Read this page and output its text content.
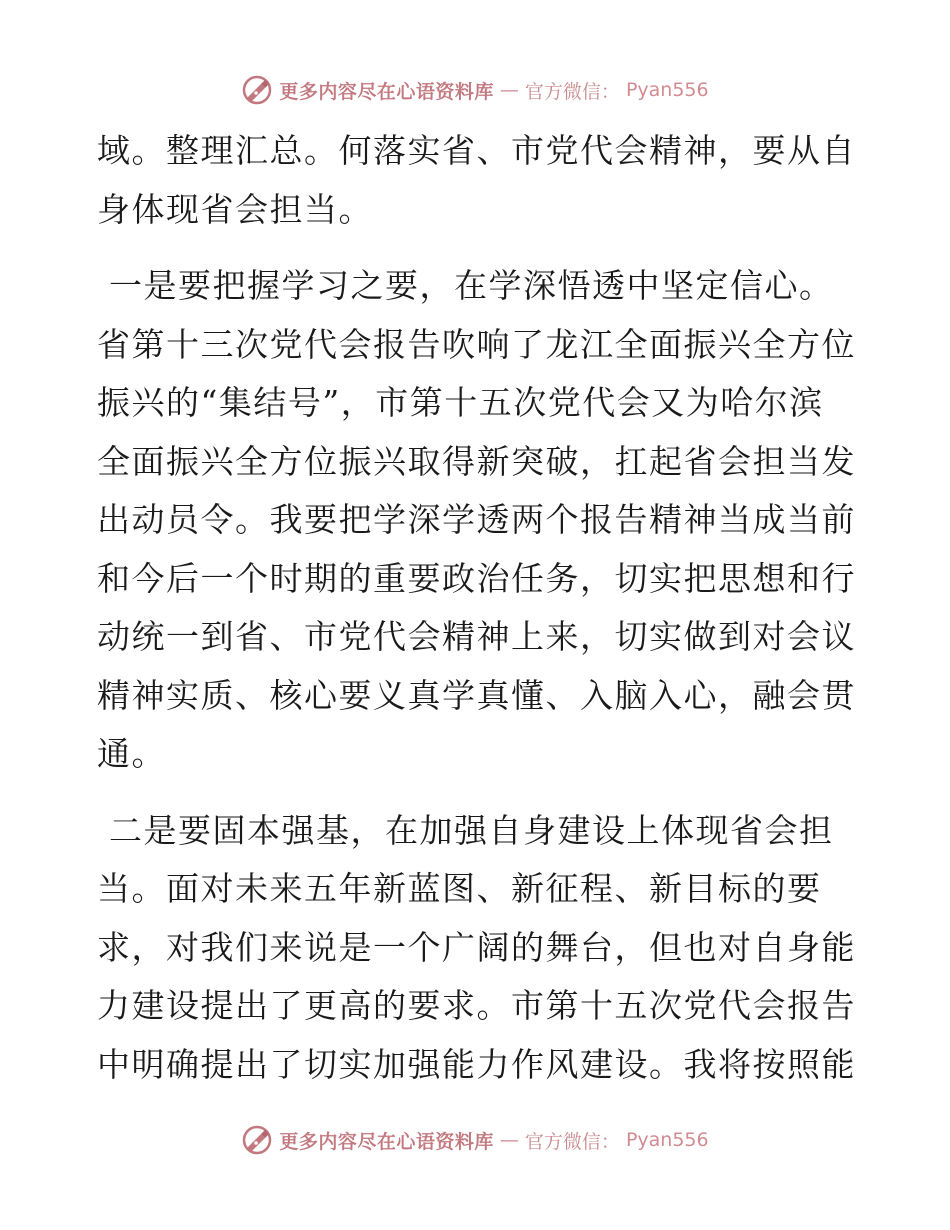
更多内容尽在心语资料库 — 官方微信： Pyan556

域。整理汇总。何落实省、市党代会精神，要从自身体现省会担当。

一是要把握学习之要，在学深悟透中坚定信心。省第十三次党代会报告吹响了龙江全面振兴全方位振兴的“集结号”，市第十五次党代会又为哈尔滨全面振兴全方位振兴取得新突破，扛起省会担当发出动员令。我要把学深学透两个报告精神当成当前和今后一个时期的重要政治任务，切实把思想和行动统一到省、市党代会精神上来，切实做到对会议精神实质、核心要义真学真懂、入脑入心，融会贯通。

二是要固本强基，在加强自身建设上体现省会担当。面对未来五年新蓝图、新征程、新目标的要求，对我们来说是一个广阔的舞台，但也对自身能力建设提出了更高的要求。市第十五次党代会报告中明确提出了切实加强能力作风建设。我将按照能

更多内容尽在心语资料库 — 官方微信： Pyan556
